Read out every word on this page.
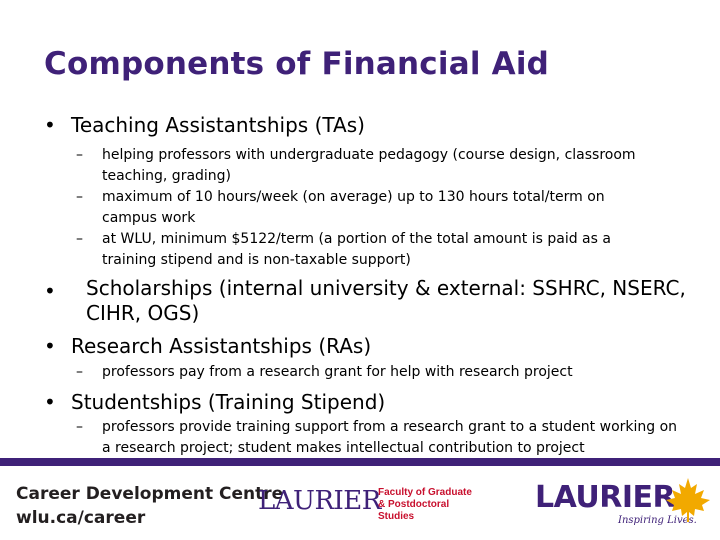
Components of Financial Aid
• Teaching Assistantships (TAs)
– helping professors with undergraduate pedagogy (course design, classroom teaching, grading)
– maximum of 10 hours/week (on average) up to 130 hours total/term on campus work
– at WLU, minimum $5122/term (a portion of the total amount is paid as a training stipend and is non-taxable support)
• Scholarships (internal university & external: SSHRC, NSERC, CIHR, OGS)
• Research Assistantships (RAs)
– professors pay from a research grant for help with research project
• Studentships (Training Stipend)
– professors provide training support from a research grant to a student working on a research project; student makes intellectual contribution to project
Career Development Centre
wlu.ca/career
LAURIER
Faculty of Graduate & Postdoctoral Studies
LAURIER
Inspiring Lives.
